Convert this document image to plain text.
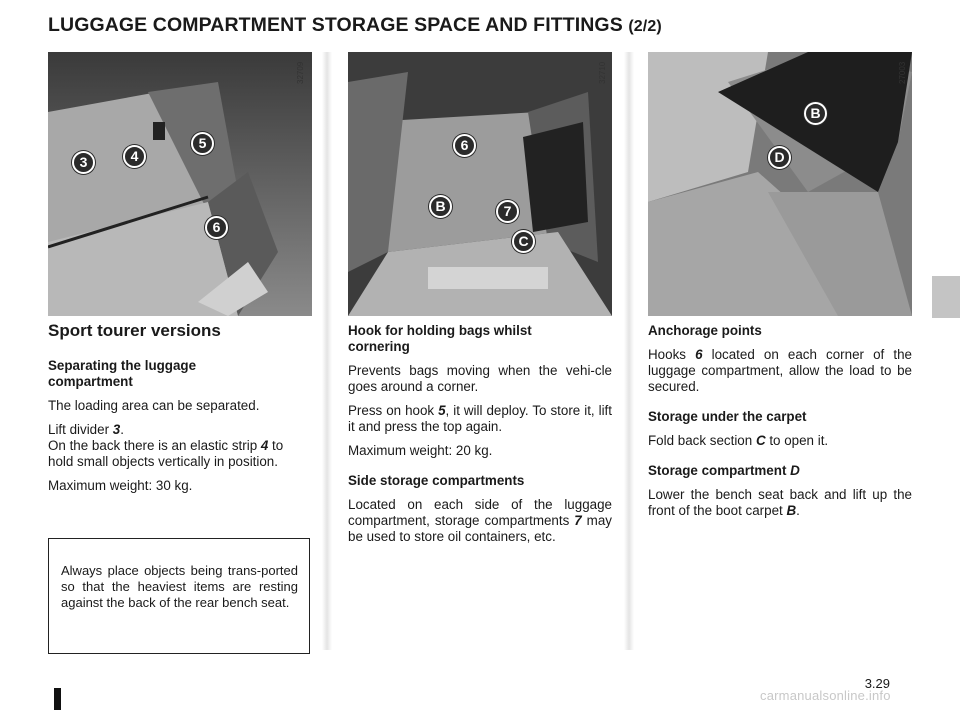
LUGGAGE COMPARTMENT STORAGE SPACE AND FITTINGS (2/2)
3	4
5
6
32709
6
B	7
C
32710
B
D
27003
Sport tourer versions

Separating the luggage
compartment

The loading area can be separated.

Lift divider 3.
On the back there is an elastic strip 4 to hold small objects vertically in position.

Maximum weight: 30 kg.

Always place objects being trans-ported so that the heaviest items are resting against the back of the rear bench seat.

Hook for holding bags whilst
cornering

Prevents bags moving when the vehi-cle goes around a corner.

Press on hook 5, it will deploy. To store it, lift it and press the top again.

Maximum weight: 20 kg.

Side storage compartments

Located on each side of the luggage compartment, storage compartments 7 may be used to store oil containers, etc.

Anchorage points

Hooks 6 located on each corner of the luggage compartment, allow the load to be secured.

Storage under the carpet

Fold back section C to open it.

Storage compartment D

Lower the bench seat back and lift up the front of the boot carpet B.

3.29
carmanualsonline.info
